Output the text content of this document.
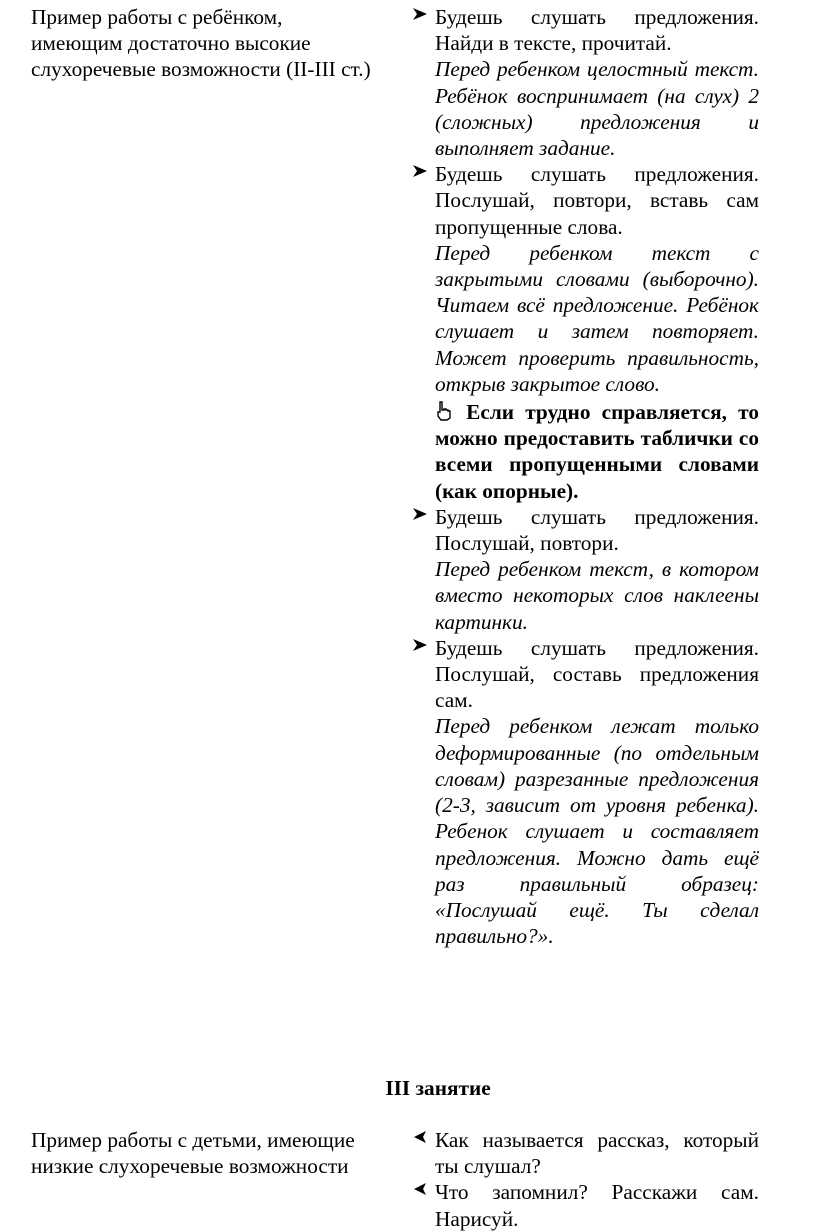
Пример работы с ребёнком, имеющим достаточно высокие слухоречевые возможности (II-III ст.)

Будешь слушать предложения. Найди в тексте, прочитай.

Перед ребенком целостный текст. Ребёнок воспринимает (на слух) 2 (сложных) предложения и выполняет задание.

Будешь слушать предложения. Послушай, повтори, вставь сам пропущенные слова.

Перед ребенком текст с закрытыми словами (выборочно). Читаем всё предложение. Ребёнок слушает и затем повторяет. Может проверить правильность, открыв закрытое слово.

Если трудно справляется, то можно предоставить таблички со всеми пропущенными словами (как опорные).

Будешь слушать предложения. Послушай, повтори.

Перед ребенком текст, в котором вместо некоторых слов наклеены картинки.

Будешь слушать предложения. Послушай, составь предложения сам.

Перед ребенком лежат только деформированные (по отдельным словам) разрезанные предложения (2-3, зависит от уровня ребенка). Ребенок слушает и составляет предложения. Можно дать ещё раз правильный образец: «Послушай ещё. Ты сделал правильно?».

III занятие
Пример работы с детьми, имеющие низкие слухоречевые возможности

Как называется рассказ, который ты слушал?

Что запомнил? Расскажи сам. Нарисуй.
